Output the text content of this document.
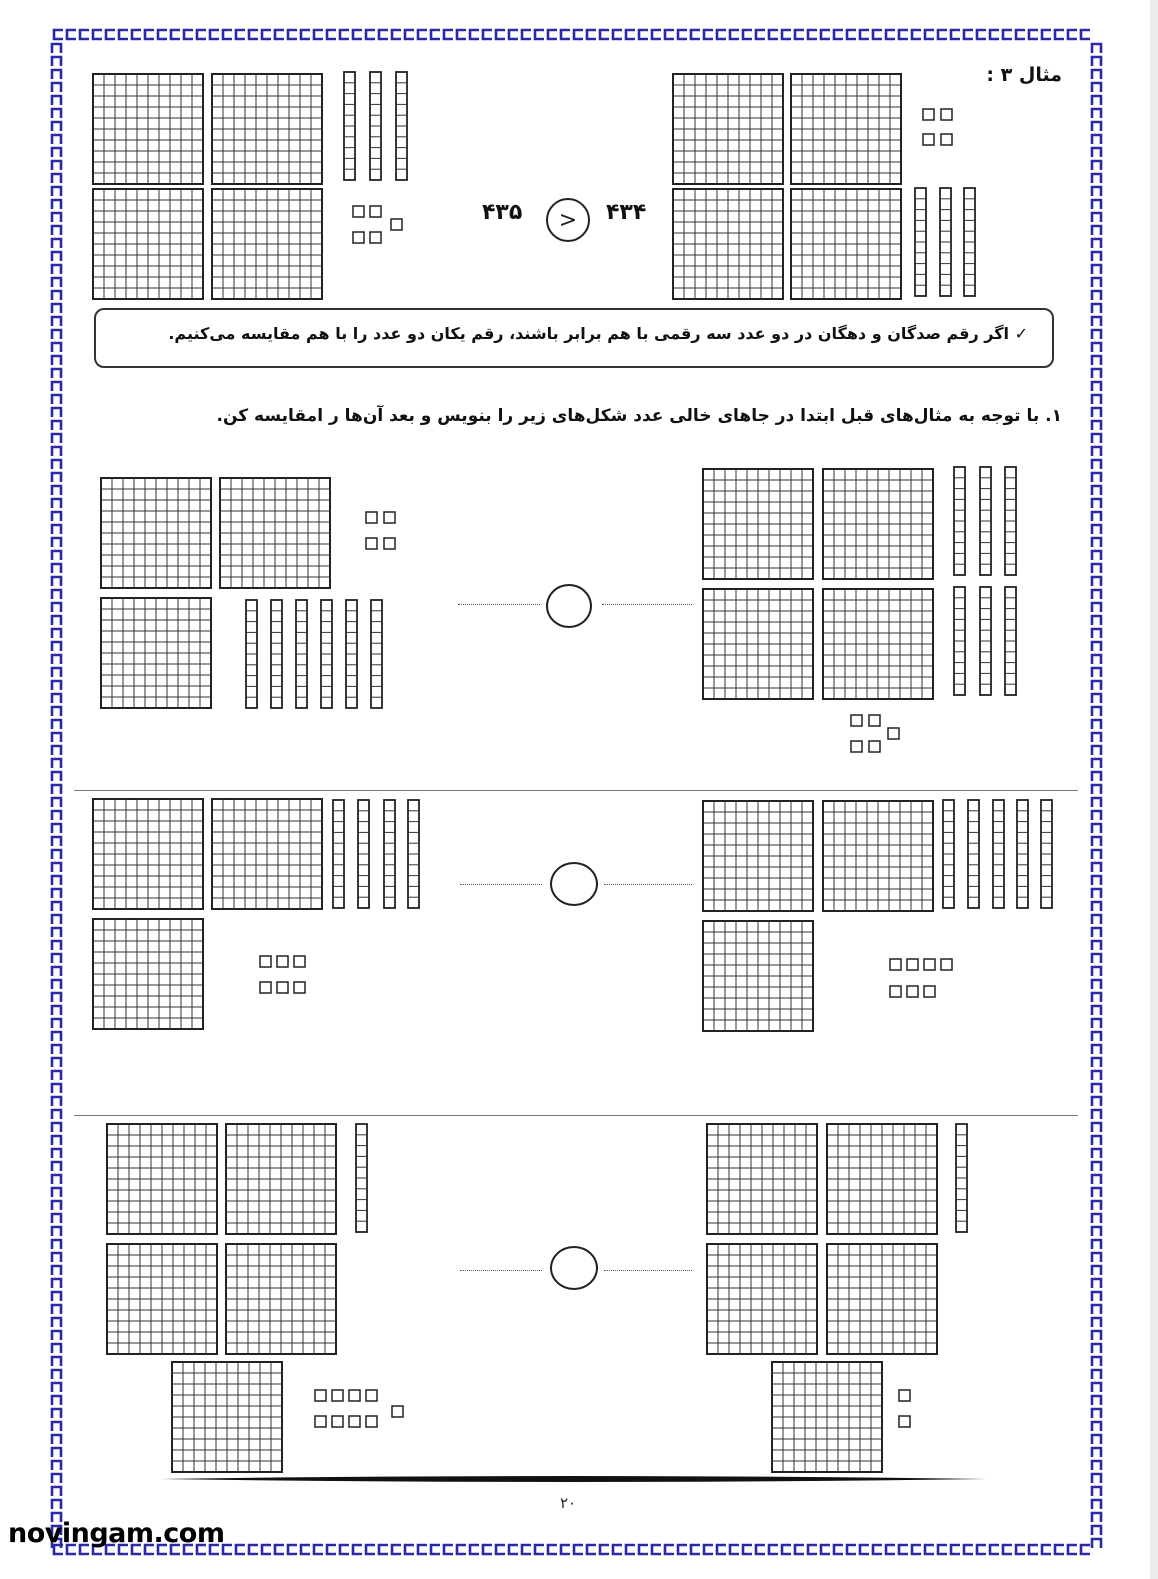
مثال ۳ :
۴۳۵ > ۴۳۴
✓ اگر رقم صدگان و دهگان در دو عدد سه رقمی با هم برابر باشند، رقم یکان دو عدد را با هم مقایسه می‌کنیم.
۱. با توجه به مثال‌های قبل ابتدا در جاهای خالی عدد شکل‌های زیر را بنویس و بعد آن‌ها ر امقایسه کن.
۲۰
novingam.com
